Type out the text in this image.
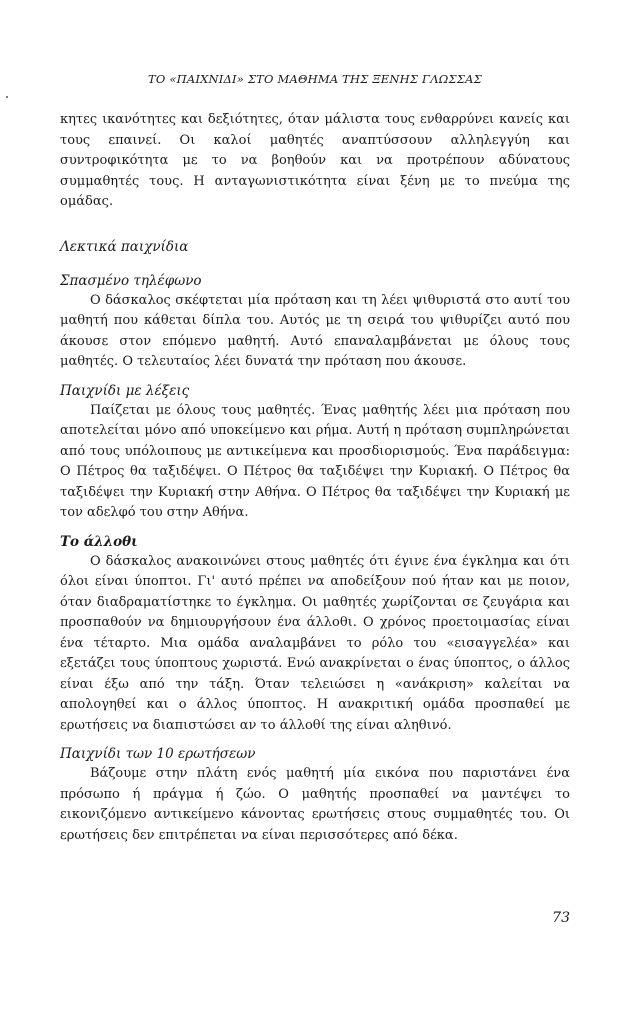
ΤΟ «ΠΑΙΧΝΙΔΙ» ΣΤΟ ΜΑΘΗΜΑ ΤΗΣ ΞΕΝΗΣ ΓΛΩΣΣΑΣ

κητες ικανότητες και δεξιότητες, όταν μάλιστα τους ενθαρρύνει κανείς και τους επαινεί. Οι καλοί μαθητές αναπτύσσουν αλληλεγγύη και συντροφικότητα με το να βοηθούν και να προτρέπουν αδύνατους συμμαθητές τους. Η ανταγωνιστικότητα είναι ξένη με το πνεύμα της ομάδας.

Λεκτικά παιχνίδια
Σπασμένο τηλέφωνο

Ο δάσκαλος σκέφτεται μία πρόταση και τη λέει ψιθυριστά στο αυτί του μαθητή που κάθεται δίπλα του. Αυτός με τη σειρά του ψιθυρίζει αυτό που άκουσε στον επόμενο μαθητή. Αυτό επαναλαμβάνεται με όλους τους μαθητές. Ο τελευταίος λέει δυνατά την πρόταση που άκουσε.

Παιχνίδι με λέξεις

Παίζεται με όλους τους μαθητές. Ένας μαθητής λέει μια πρόταση που αποτελείται μόνο από υποκείμενο και ρήμα. Αυτή η πρόταση συμπληρώνεται από τους υπόλοιπους με αντικείμενα και προσδιορισμούς. Ένα παράδειγμα: Ο Πέτρος θα ταξιδέψει. Ο Πέτρος θα ταξιδέψει την Κυριακή. Ο Πέτρος θα ταξιδέψει την Κυριακή στην Αθήνα. Ο Πέτρος θα ταξιδέψει την Κυριακή με τον αδελφό του στην Αθήνα.

Το άλλοθι

Ο δάσκαλος ανακοινώνει στους μαθητές ότι έγινε ένα έγκλημα και ότι όλοι είναι ύποπτοι. Γι' αυτό πρέπει να αποδείξουν πού ήταν και με ποιον, όταν διαδραματίστηκε το έγκλημα. Οι μαθητές χωρίζονται σε ζευγάρια και προσπαθούν να δημιουργήσουν ένα άλλοθι. Ο χρόνος προετοιμασίας είναι ένα τέταρτο. Μια ομάδα αναλαμβάνει το ρόλο του «εισαγγελέα» και εξετάζει τους ύποπτους χωριστά. Ενώ ανακρίνεται ο ένας ύποπτος, ο άλλος είναι έξω από την τάξη. Όταν τελειώσει η «ανάκριση» καλείται να απολογηθεί και ο άλλος ύποπτος. Η ανακριτική ομάδα προσπαθεί με ερωτήσεις να διαπιστώσει αν το άλλοθί της είναι αληθινό.

Παιχνίδι των 10 ερωτήσεων

Βάζουμε στην πλάτη ενός μαθητή μία εικόνα που παριστάνει ένα πρόσωπο ή πράγμα ή ζώο. Ο μαθητής προσπαθεί να μαντέψει το εικονιζόμενο αντικείμενο κάνοντας ερωτήσεις στους συμμαθητές του. Οι ερωτήσεις δεν επιτρέπεται να είναι περισσότερες από δέκα.

73
